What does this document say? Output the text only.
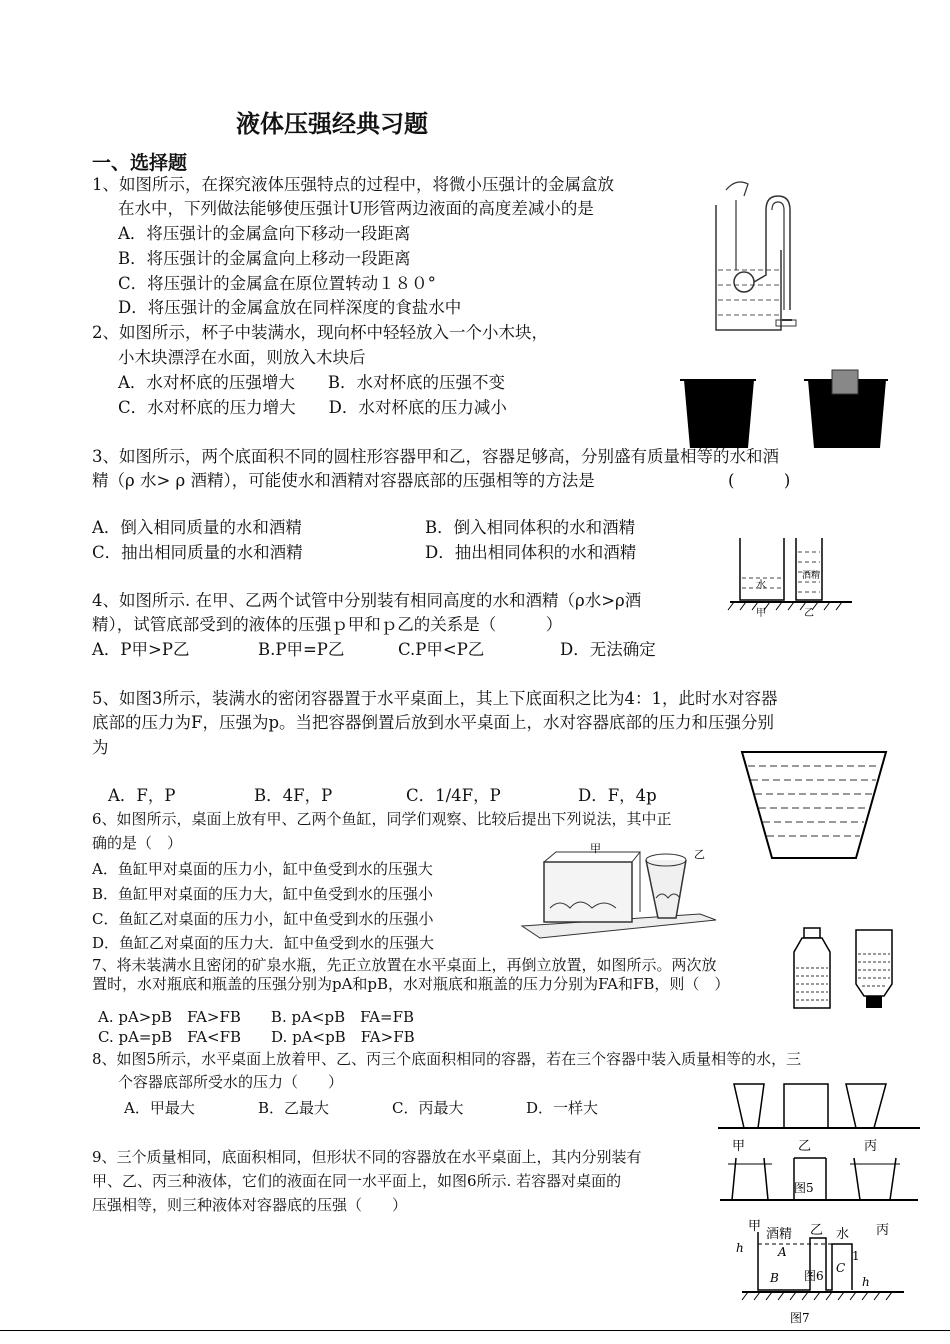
液体压强经典习题
一、选择题
1、如图所示，在探究液体压强特点的过程中，将微小压强计的金属盒放
在水中，下列做法能够使压强计U形管两边液面的高度差减小的是
A．将压强计的金属盒向下移动一段距离
B．将压强计的金属盒向上移动一段距离
C．将压强计的金属盒在原位置转动１８０°
D．将压强计的金属盒放在同样深度的食盐水中
2、如图所示，杯子中装满水，现向杯中轻轻放入一个小木块，
小木块漂浮在水面，则放入木块后
A．水对杯底的压强增大　　B．水对杯底的压强不变
C．水对杯底的压力增大　　D．水对杯底的压力减小
3、如图所示，两个底面积不同的圆柱形容器甲和乙，容器足够高，分别盛有质量相等的水和酒
精（ρ 水> ρ 酒精），可能使水和酒精对容器底部的压强相等的方法是	(　　　)
A．倒入相同质量的水和酒精	B．倒入相同体积的水和酒精
C．抽出相同质量的水和酒精	D．抽出相同体积的水和酒精
水
酒精
甲	乙
4、如图所示. 在甲、乙两个试管中分别装有相同高度的水和酒精（ρ水>ρ酒
精），试管底部受到的液体的压强ｐ甲和ｐ乙的关系是（　　　）
A．P甲>P乙	B.P甲=P乙	C.P甲<P乙	D．无法确定
5、如图3所示，装满水的密闭容器置于水平桌面上，其上下底面积之比为4：1，此时水对容器
底部的压力为F，压强为p。当把容器倒置后放到水平桌面上，水对容器底部的压力和压强分别
为
A．F，P	B．4F，P	C．1/4F，P	D．F，4p
6、如图所示，桌面上放有甲、乙两个鱼缸，同学们观察、比较后提出下列说法，其中正
确的是（　）
A．鱼缸甲对桌面的压力小，缸中鱼受到水的压强大
B．鱼缸甲对桌面的压力大，缸中鱼受到水的压强小
C．鱼缸乙对桌面的压力小，缸中鱼受到水的压强小
D．鱼缸乙对桌面的压力大．缸中鱼受到水的压强大
甲	乙
7、将未装满水且密闭的矿泉水瓶，先正立放置在水平桌面上，再倒立放置，如图所示。两次放
置时，水对瓶底和瓶盖的压强分别为pA和pB，水对瓶底和瓶盖的压力分别为FA和FB，则（　）
A. pA>pB　FA>FB　　B. pA<pB　FA=FB
C. pA=pB　FA<FB　　D. pA<pB　FA>FB
8、如图5所示，水平桌面上放着甲、乙、丙三个底面积相同的容器，若在三个容器中装入质量相等的水，三
个容器底部所受水的压力（　　）
A．甲最大	B．乙最大	C．丙最大	D．一样大
9、三个质量相同，底面积相同，但形状不同的容器放在水平桌面上，其内分别装有
甲、乙、丙三种液体，它们的液面在同一水平面上，如图6所示. 若容器对桌面的
压强相等，则三种液体对容器底的压强（　　）
甲	乙	丙
图5
甲
酒精 乙 水 丙
h	A
B
C
1
h
图6
图7
